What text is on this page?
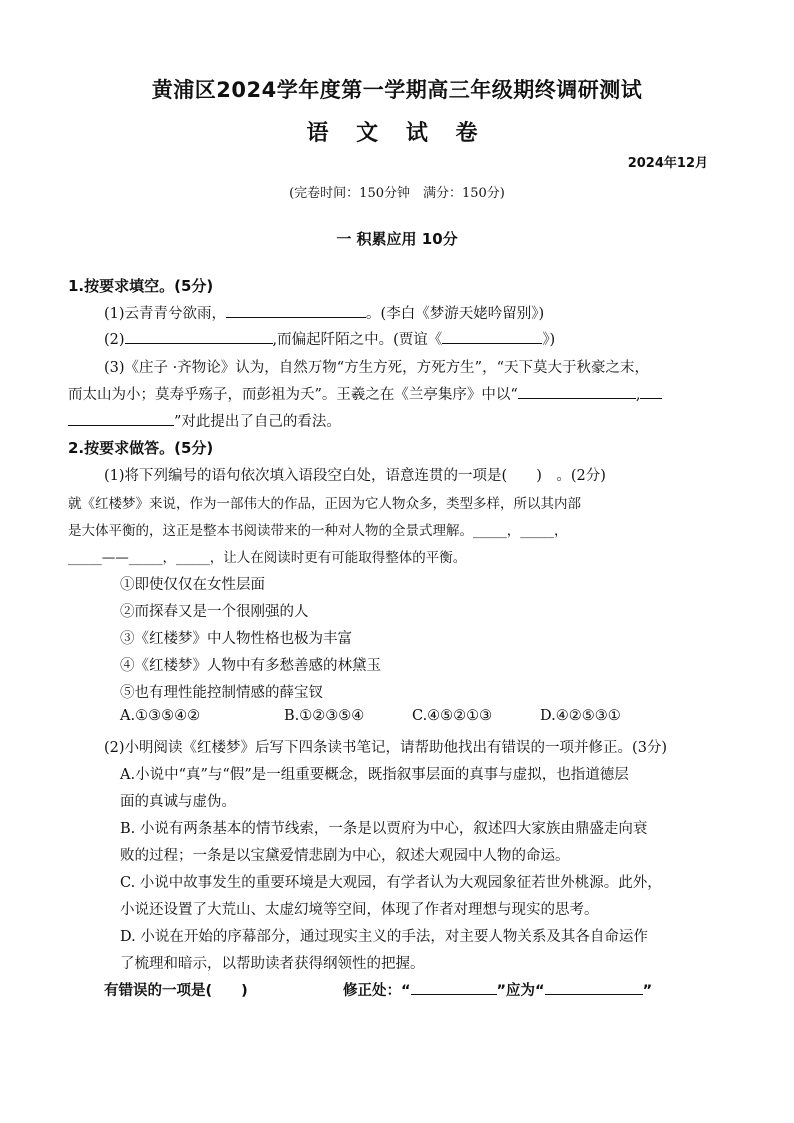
黄浦区2024学年度第一学期高三年级期终调研测试
语 文 试 卷
2024年12月
(完卷时间：150分钟　满分：150分)
一 积累应用 10分
1.按要求填空。(5分)
(1)云青青兮欲雨，	。(李白《梦游天姥吟留别》)
(2)	,而偏起阡陌之中。(贾谊《	》)
(3)《庄子 ·齐物论》认为，自然万物“方生方死，方死方生”，“天下莫大于秋豪之末，
而太山为小；莫寿乎殇子，而彭祖为夭”。王羲之在《兰亭集序》中以“	,
”对此提出了自己的看法。
2.按要求做答。(5分)
(1)将下列编号的语句依次填入语段空白处，语意连贯的一项是(　　)　。(2分)
就《红楼梦》来说，作为一部伟大的作品，正因为它人物众多，类型多样，所以其内部
是大体平衡的，这正是整本书阅读带来的一种对人物的全景式理解。_____，_____，
_____——_____，_____，让人在阅读时更有可能取得整体的平衡。
①即使仅仅在女性层面
②而探春又是一个很刚强的人
③《红楼梦》中人物性格也极为丰富
④《红楼梦》人物中有多愁善感的林黛玉
⑤也有理性能控制情感的薛宝钗
A.①③⑤④②	B.①②③⑤④	C.④⑤②①③	D.④②⑤③①
(2)小明阅读《红楼梦》后写下四条读书笔记，请帮助他找出有错误的一项并修正。(3分)
A.小说中“真”与“假”是一组重要概念，既指叙事层面的真事与虚拟，也指道德层
面的真诚与虚伪。
B. 小说有两条基本的情节线索，一条是以贾府为中心，叙述四大家族由鼎盛走向衰
败的过程；一条是以宝黛爱情悲剧为中心，叙述大观园中人物的命运。
C. 小说中故事发生的重要环境是大观园，有学者认为大观园象征若世外桃源。此外，
小说还设置了大荒山、太虚幻境等空间，体现了作者对理想与现实的思考。
D. 小说在开始的序幕部分，通过现实主义的手法，对主要人物关系及其各自命运作
了梳理和暗示，以帮助读者获得纲领性的把握。
有错误的一项是(　　)	修正处：“	”应为“	”
